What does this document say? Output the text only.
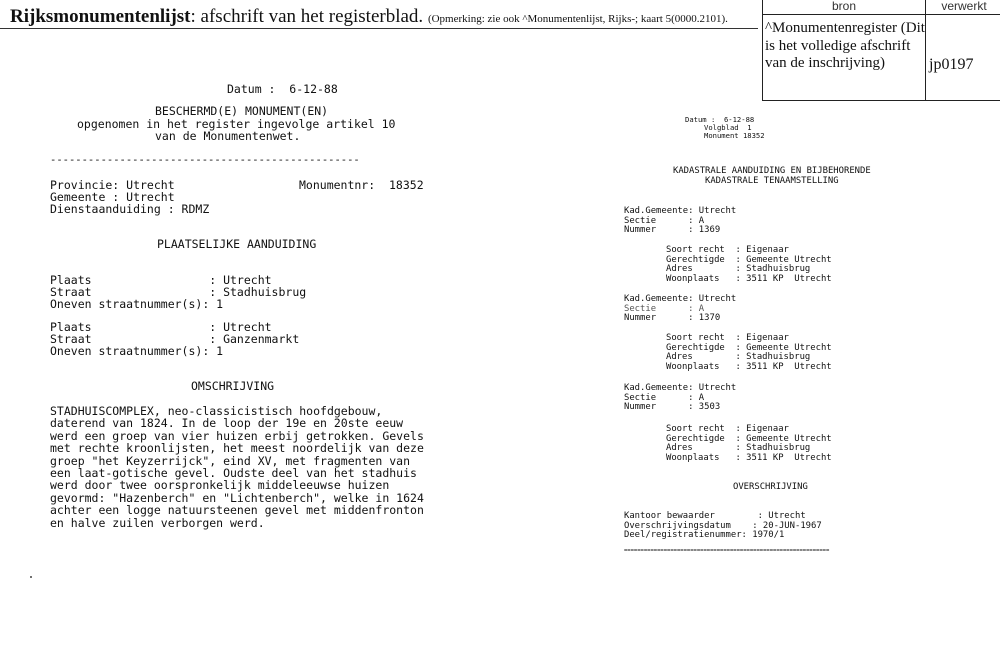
Rijksmonumentenlijst: afschrift van het registerblad. (Opmerking: zie ook ^Monumentenlijst, Rijks-; kaart 5(0000.2101).
bron	verwerkt
^Monumentenregister (Dit is het volledige afschrift van de inschrijving)	jp0197
Datum :  6-12-88
BESCHERMD(E) MONUMENT(EN)
opgenomen in het register ingevolge artikel 10
van de Monumentenwet.
-------------------------------------------------
Provincie: Utrecht	Monumentnr:  18352
Gemeente : Utrecht
Dienstaanduiding : RDMZ
PLAATSELIJKE AANDUIDING
Plaats                 : Utrecht
Straat                 : Stadhuisbrug
Oneven straatnummer(s): 1
Plaats                 : Utrecht
Straat                 : Ganzenmarkt
Oneven straatnummer(s): 1
OMSCHRIJVING
STADHUISCOMPLEX, neo-classicistisch hoofdgebouw,
daterend van 1824. In de loop der 19e en 20ste eeuw
werd een groep van vier huizen erbij getrokken. Gevels
met rechte kroonlijsten, het meest noordelijk van deze
groep "het Keyzerrijck", eind XV, met fragmenten van
een laat-gotische gevel. Oudste deel van het stadhuis
werd door twee oorspronkelijk middeleeuwse huizen
gevormd: "Hazenberch" en "Lichtenberch", welke in 1624
achter een logge natuursteenen gevel met middenfronton
en halve zuilen verborgen werd.
Datum :  6-12-88
Volgblad  1
Monument 18352
KADASTRALE AANDUIDING EN BIJBEHORENDE
KADASTRALE TENAAMSTELLING
Kad.Gemeente: Utrecht
Sectie      : A
Nummer      : 1369
Soort recht  : Eigenaar
Gerechtigde  : Gemeente Utrecht
Adres        : Stadhuisbrug
Woonplaats   : 3511 KP  Utrecht
Kad.Gemeente: Utrecht
Sectie      : A
Nummer      : 1370
Soort recht  : Eigenaar
Gerechtigde  : Gemeente Utrecht
Adres        : Stadhuisbrug
Woonplaats   : 3511 KP  Utrecht
Kad.Gemeente: Utrecht
Sectie      : A
Nummer      : 3503
Soort recht  : Eigenaar
Gerechtigde  : Gemeente Utrecht
Adres        : Stadhuisbrug
Woonplaats   : 3511 KP  Utrecht
OVERSCHRIJVING
Kantoor bewaarder        : Utrecht
Overschrijvingsdatum    : 20-JUN-1967
Deel/registratienummer: 1970/1
==============================================================
